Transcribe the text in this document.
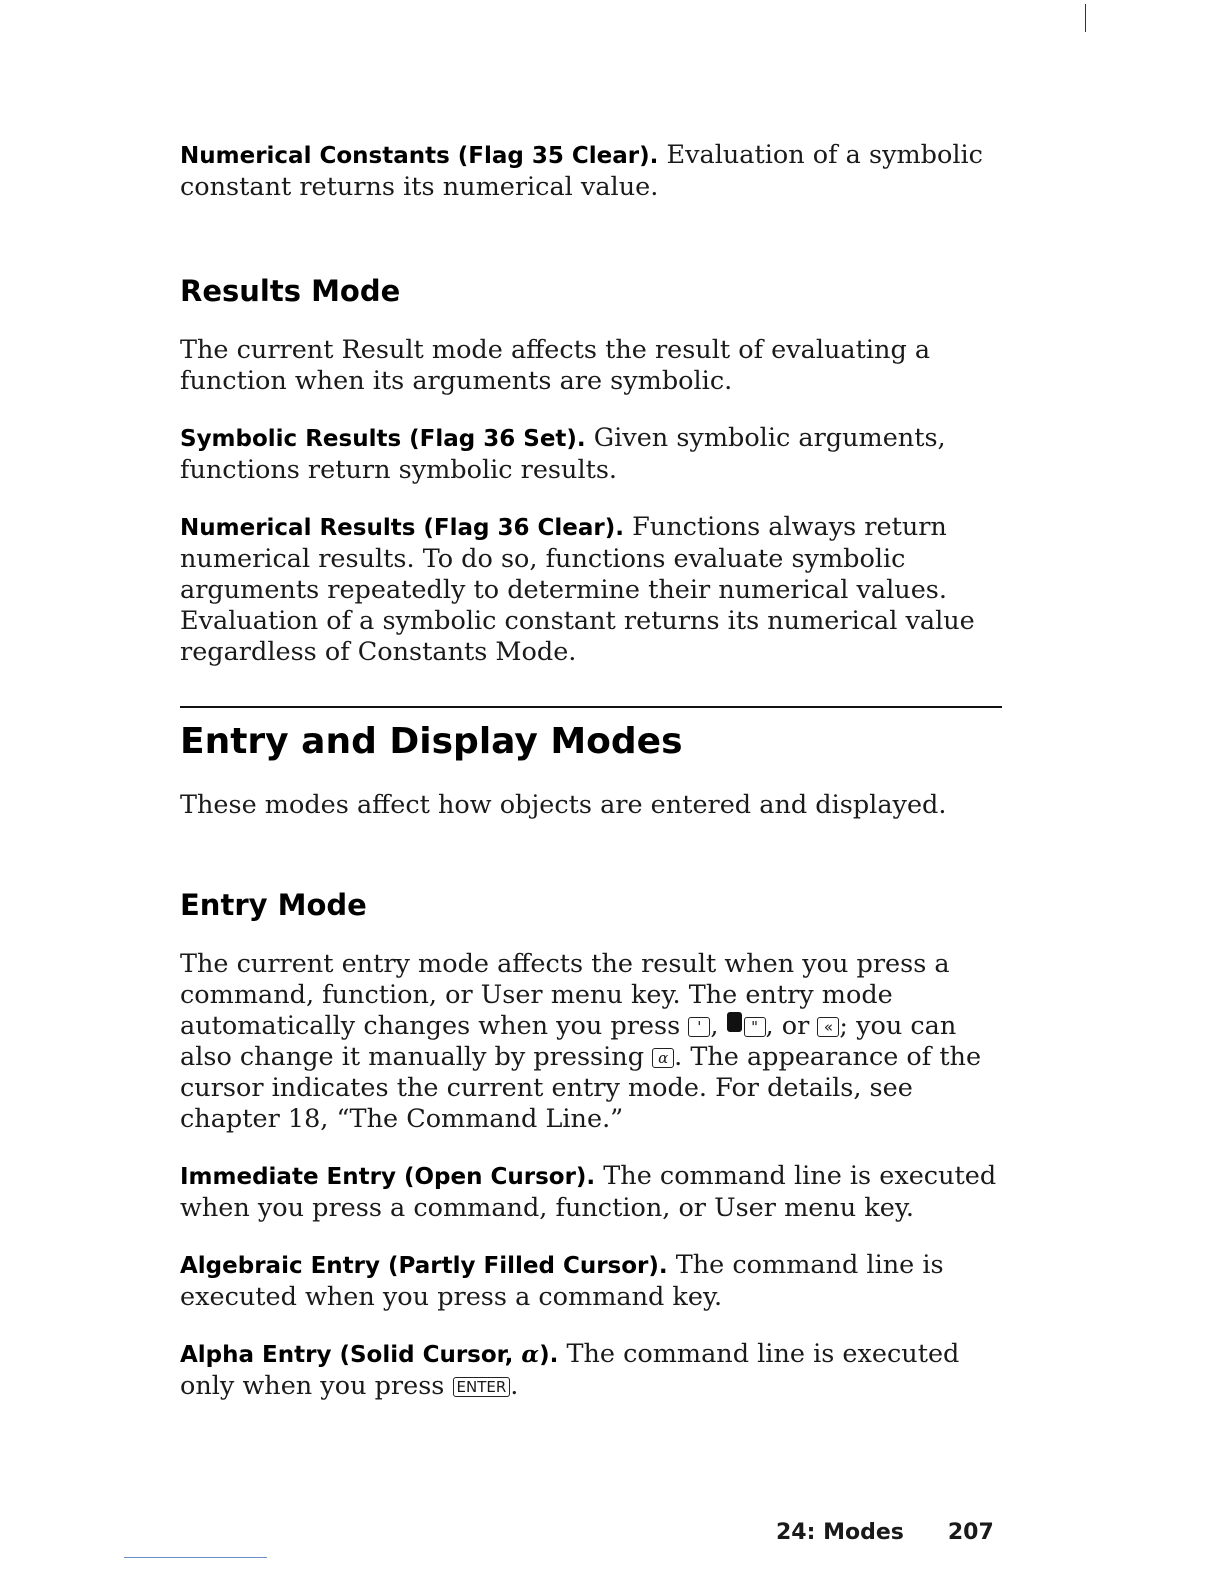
Numerical Constants (Flag 35 Clear). Evaluation of a symbolic constant returns its numerical value.

Results Mode

The current Result mode affects the result of evaluating a function when its arguments are symbolic.

Symbolic Results (Flag 36 Set). Given symbolic arguments, functions return symbolic results.

Numerical Results (Flag 36 Clear). Functions always return numerical results. To do so, functions evaluate symbolic arguments repeatedly to determine their numerical values. Evaluation of a symbolic constant returns its numerical value regardless of Constants Mode.

Entry and Display Modes

These modes affect how objects are entered and displayed.

Entry Mode

The current entry mode affects the result when you press a command, function, or User menu key. The entry mode automatically changes when you press ' , " , or « ; you can also change it manually by pressing α . The appearance of the cursor indicates the current entry mode. For details, see chapter 18, “The Command Line.”

Immediate Entry (Open Cursor). The command line is executed when you press a command, function, or User menu key.

Algebraic Entry (Partly Filled Cursor). The command line is executed when you press a command key.

Alpha Entry (Solid Cursor, α). The command line is executed only when you press ENTER .

24: Modes 207
